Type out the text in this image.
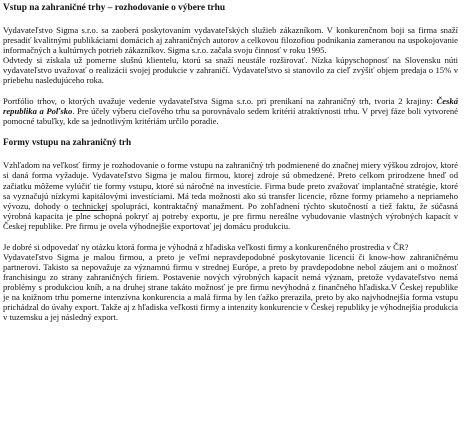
Vstup na zahraničné trhy – rozhodovanie o výbere trhu

Vydavateľstvo Sigma s.r.o. sa zaoberá poskytovaním vydavateľských služieb zákazníkom. V konkurenčnom boji sa firma snaží presadiť kvalitnými publikáciami domácich aj zahraničných autorov a celkovou filozofiou podnikania zameranou na uspokojovanie informačných a kultúrnych potrieb zákazníkov. Sigma s.r.o. začala svoju činnosť v roku 1995.

Odvtedy si získala už pomerne slušnú klientelu, ktorú sa snaží neustále rozširovať. Nízka kúpyschopnosť na Slovensku núti vydavateľstvo uvažovať o realizácii svojej produkcie v zahraničí. Vydavateľstvo si stanovilo za cieľ zvýšiť objem predaja o 15% v priebehu nasledujúceho roka.

Portfólio trhov, o ktorých uvažuje vedenie vydavateľstva Sigma s.r.o. pri prenikaní na zahraničný trh, tvoria 2 krajiny: Česká republika a Poľsko. Pre účely výberu cieľového trhu sa porovnávalo sedem kritérií atraktívnosti trhu. V prvej fáze boli vytvorené pomocné tabuľky, kde sa jednotlivým kritériám určilo poradie.

Formy vstupu na zahraničný trh

Vzhľadom na veľkosť firmy je rozhodovanie o forme vstupu na zahraničný trh podmienené do značnej miery výškou zdrojov, ktoré si daná forma vyžaduje. Vydavateľstvo Sigma je malou firmou, ktorej zdroje sú obmedzené. Preto celkom prirodzene hneď od začiatku môžeme vylúčiť tie formy vstupu, ktoré sú náročné na investície. Firma bude preto zvažovať implantačné stratégie, ktoré sa vyznačujú nízkymi kapitálovými investíciami. Má teda možnosti ako sú transfer licencie, rôzne formy priameho a nepriameho vývozu, dohody o technickej spolupráci, kontraktačný manažment. Po zohľadnení týchto skutočností a tiež faktu, že súčasná výrobná kapacita je plne schopná pokryť aj potreby exportu, je pre firmu nereálne vybudovanie vlastných výrobných kapacít v Českej republike. Pre firmu je ovela výhodnejšie exportovať jej domácu produkciu.

Je dobré si odpovedať ny otázku ktorá forma je výhodná z hľadiska veľkosti firmy a konkurenčného prostredia v ČR?

Vydavateľstvo Sigma je malou firmou, a preto je veľmi nepravdepodobné poskytovanie licencií či know-how zahraničnému partnerovi. Takisto sa nepovažuje za významnú firmu v strednej Európe, a preto by pravdepodobne nebol záujem ani o možnosť franchisingu zo strany zahraničných firiem. Postavenie nových výrobných kapacít nemá význam, pretože vydavateľstvo nemá problémy s produkciou kníh, a na druhej strane takáto možnosť je pre firmu nevýhodná z finančného hľadiska.V Českej republike je na knižnom trhu pomerne intenzívna konkurencia a malá firma by len ťažko prerazila, preto by ako najvhodnejšia forma vstupu prichádzal do úvahy export. Takže aj z hľadiska veľkosti firmy a intenzity konkurencie v Českej republiky je výhodnejšia produkcia v tuzemsku a jej následný export.
